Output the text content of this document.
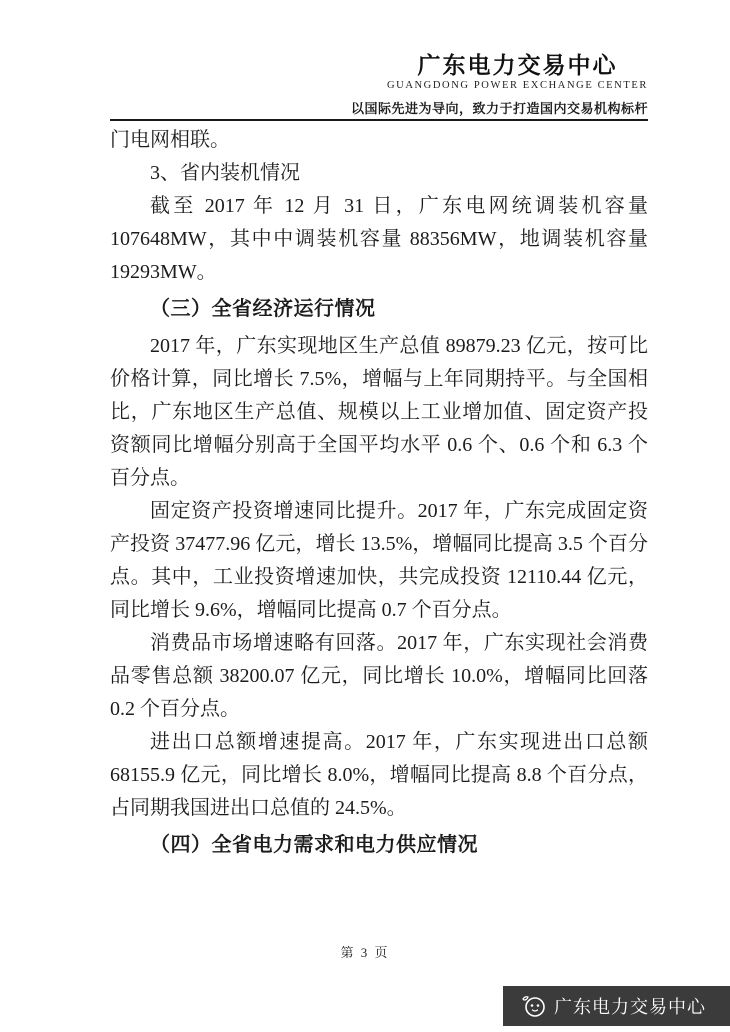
广东电力交易中心
GUANGDONG POWER EXCHANGE CENTER
以国际先进为导向，致力于打造国内交易机构标杆

门电网相联。

3、省内装机情况

截至 2017 年 12 月 31 日，广东电网统调装机容量 107648MW，其中中调装机容量 88356MW，地调装机容量 19293MW。

（三）全省经济运行情况

2017 年，广东实现地区生产总值 89879.23 亿元，按可比价格计算，同比增长 7.5%，增幅与上年同期持平。与全国相比，广东地区生产总值、规模以上工业增加值、固定资产投资额同比增幅分别高于全国平均水平 0.6 个、0.6 个和 6.3 个百分点。

固定资产投资增速同比提升。2017 年，广东完成固定资产投资 37477.96 亿元，增长 13.5%，增幅同比提高 3.5 个百分点。其中，工业投资增速加快，共完成投资 12110.44 亿元，同比增长 9.6%，增幅同比提高 0.7 个百分点。

消费品市场增速略有回落。2017 年，广东实现社会消费品零售总额 38200.07 亿元，同比增长 10.0%，增幅同比回落 0.2 个百分点。

进出口总额增速提高。2017 年，广东实现进出口总额 68155.9 亿元，同比增长 8.0%，增幅同比提高 8.8 个百分点，占同期我国进出口总值的 24.5%。

（四）全省电力需求和电力供应情况

第 3 页
广东电力交易中心
